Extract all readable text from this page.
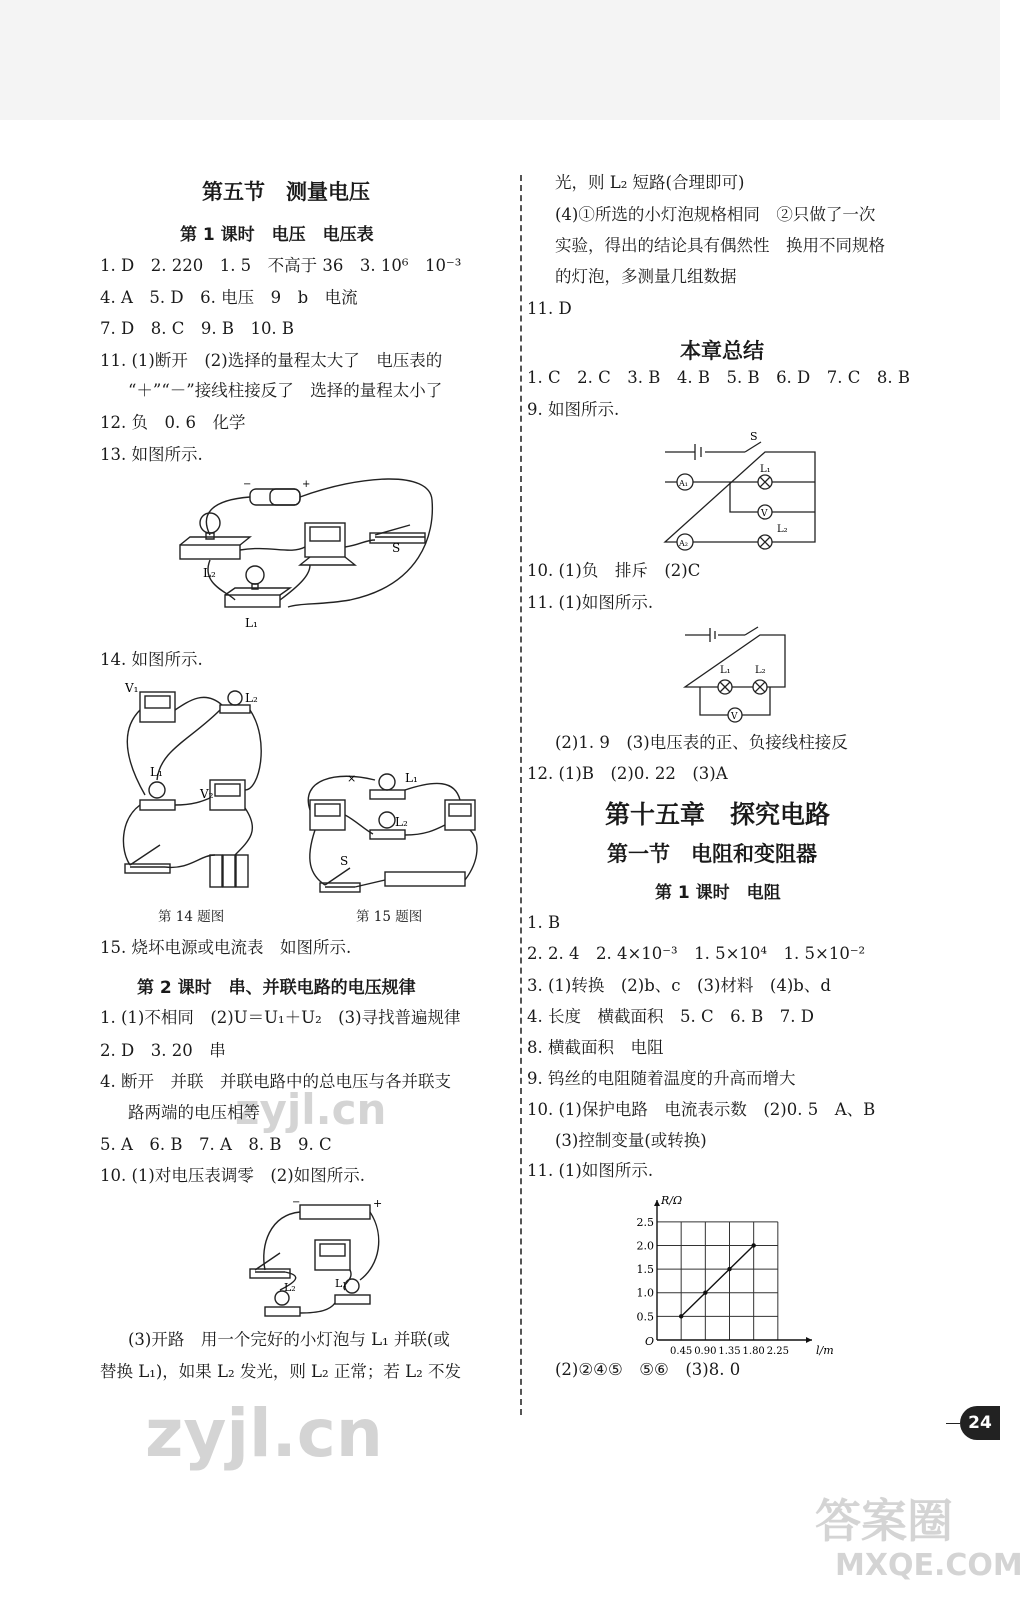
第五节　测量电压
第 1 课时　电压　电压表
1. D　2. 220　1. 5　不高于 36　3. 10⁶　10⁻³
4. A　5. D　6. 电压　9　b　电流
7. D　8. C　9. B　10. B
11. (1)断开　(2)选择的量程太大了　电压表的
“＋”“－”接线柱接反了　选择的量程太小了
12. 负　0. 6　化学
13. 如图所示.
−	+
L₂
S
L₁
14. 如图所示.
V₁
L₂
L₁
V₂
×	L₁
L₂
S
第 14 题图	第 15 题图
15. 烧坏电源或电流表　如图所示.
第 2 课时　串、并联电路的电压规律
1. (1)不相同　(2)U＝U₁＋U₂　(3)寻找普遍规律
2. D　3. 20　串
4. 断开　并联　并联电路中的总电压与各并联支
路两端的电压相等
5. A　6. B　7. A　8. B　9. C
10. (1)对电压表调零　(2)如图所示.
−	+
L₂	L₁
(3)开路　用一个完好的小灯泡与 L₁ 并联(或
替换 L₁)，如果 L₂ 发光，则 L₂ 正常；若 L₂ 不发
光，则 L₂ 短路(合理即可)
(4)①所选的小灯泡规格相同　②只做了一次
实验，得出的结论具有偶然性　换用不同规格
的灯泡，多测量几组数据
11. D
本章总结
1. C　2. C　3. B　4. B　5. B　6. D　7. C　8. B
9. 如图所示.
S
L₁
A₁
V
L₂
A₂
10. (1)负　排斥　(2)C
11. (1)如图所示.
L₁ L₂
V
(2)1. 9　(3)电压表的正、负接线柱接反
12. (1)B　(2)0. 22　(3)A
第十五章　探究电路
第一节　电阻和变阻器
第 1 课时　电阻
1. B
2. 2. 4　2. 4×10⁻³　1. 5×10⁴　1. 5×10⁻²
3. (1)转换　(2)b、c　(3)材料　(4)b、d
4. 长度　横截面积　5. C　6. B　7. D
8. 横截面积　电阻
9. 钨丝的电阻随着温度的升高而增大
10. (1)保护电路　电流表示数　(2)0. 5　A、B
(3)控制变量(或转换)
11. (1)如图所示.
0.45 0.90 1.35 1.80 2.25
0.5
1.0
1.5
2.0
2.5
O
l/m
R/Ω
(2)②④⑤　⑤⑥　(3)8. 0
24
zyjl.cn
zyjl.cn
答案圈
MXQE.COM
